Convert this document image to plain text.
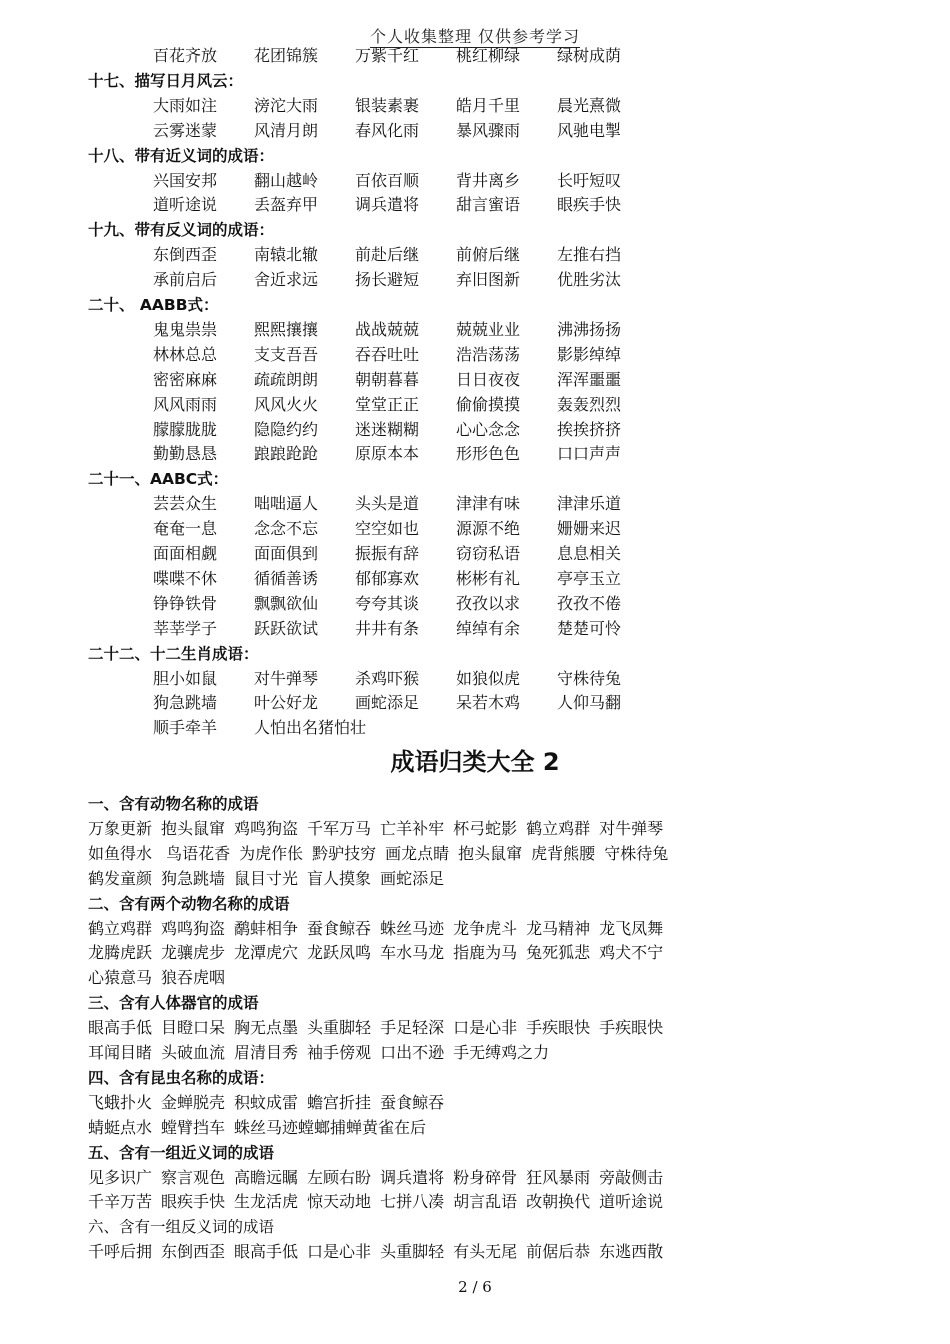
个人收集整理 仅供参考学习
百花齐放 花团锦簇 万紫千红 桃红柳绿 绿树成荫
十七、描写日月风云：
大雨如注 滂沱大雨 银装素裹 皓月千里 晨光熹微
云雾迷蒙 风清月朗 春风化雨 暴风骤雨 风驰电掣
十八、带有近义词的成语：
兴国安邦 翻山越岭 百依百顺 背井离乡 长吁短叹
道听途说 丢盔弃甲 调兵遣将 甜言蜜语 眼疾手快
十九、带有反义词的成语：
东倒西歪 南辕北辙 前赴后继 前俯后继 左推右挡
承前启后 舍近求远 扬长避短 弃旧图新 优胜劣汰
二十、 AABB式：
鬼鬼祟祟 熙熙攘攘 战战兢兢 兢兢业业 沸沸扬扬
林林总总 支支吾吾 吞吞吐吐 浩浩荡荡 影影绰绰
密密麻麻 疏疏朗朗 朝朝暮暮 日日夜夜 浑浑噩噩
风风雨雨 风风火火 堂堂正正 偷偷摸摸 轰轰烈烈
朦朦胧胧 隐隐约约 迷迷糊糊 心心念念 挨挨挤挤
勤勤恳恳 踉踉跄跄 原原本本 形形色色 口口声声
二十一、AABC式：
芸芸众生 咄咄逼人 头头是道 津津有味 津津乐道
奄奄一息 念念不忘 空空如也 源源不绝 姗姗来迟
面面相觑 面面俱到 振振有辞 窃窃私语 息息相关
喋喋不休 循循善诱 郁郁寡欢 彬彬有礼 亭亭玉立
铮铮铁骨 飘飘欲仙 夸夸其谈 孜孜以求 孜孜不倦
莘莘学子 跃跃欲试 井井有条 绰绰有余 楚楚可怜
二十二、十二生肖成语：
胆小如鼠 对牛弹琴 杀鸡吓猴 如狼似虎 守株待兔
狗急跳墙 叶公好龙 画蛇添足 呆若木鸡 人仰马翻
顺手牵羊 人怕出名猪怕壮
成语归类大全 2
一、含有动物名称的成语
万象更新 抱头鼠窜 鸡鸣狗盗 千军万马 亡羊补牢 杯弓蛇影 鹤立鸡群 对牛弹琴
如鱼得水 鸟语花香 为虎作伥 黔驴技穷 画龙点睛 抱头鼠窜 虎背熊腰 守株待兔
鹤发童颜 狗急跳墙 鼠目寸光 盲人摸象 画蛇添足
二、含有两个动物名称的成语
鹤立鸡群 鸡鸣狗盗 鹬蚌相争 蚕食鲸吞 蛛丝马迹 龙争虎斗 龙马精神 龙飞凤舞
龙腾虎跃 龙骧虎步 龙潭虎穴 龙跃凤鸣 车水马龙 指鹿为马 兔死狐悲 鸡犬不宁
心猿意马 狼吞虎咽
三、含有人体器官的成语
眼高手低 目瞪口呆 胸无点墨 头重脚轻 手足轻深 口是心非 手疾眼快 手疾眼快
耳闻目睹 头破血流 眉清目秀 袖手傍观 口出不逊 手无缚鸡之力
四、含有昆虫名称的成语：
飞蛾扑火 金蝉脱壳 积蚊成雷 蟾宫折挂 蚕食鲸吞
蜻蜓点水 螳臂挡车 蛛丝马迹螳螂捕蝉黄雀在后
五、含有一组近义词的成语
见多识广 察言观色 高瞻远瞩 左顾右盼 调兵遣将 粉身碎骨 狂风暴雨 旁敲侧击
千辛万苦 眼疾手快 生龙活虎 惊天动地 七拼八凑 胡言乱语 改朝换代 道听途说
六、含有一组反义词的成语
千呼后拥 东倒西歪 眼高手低 口是心非 头重脚轻 有头无尾 前倨后恭 东逃西散
2 / 6
